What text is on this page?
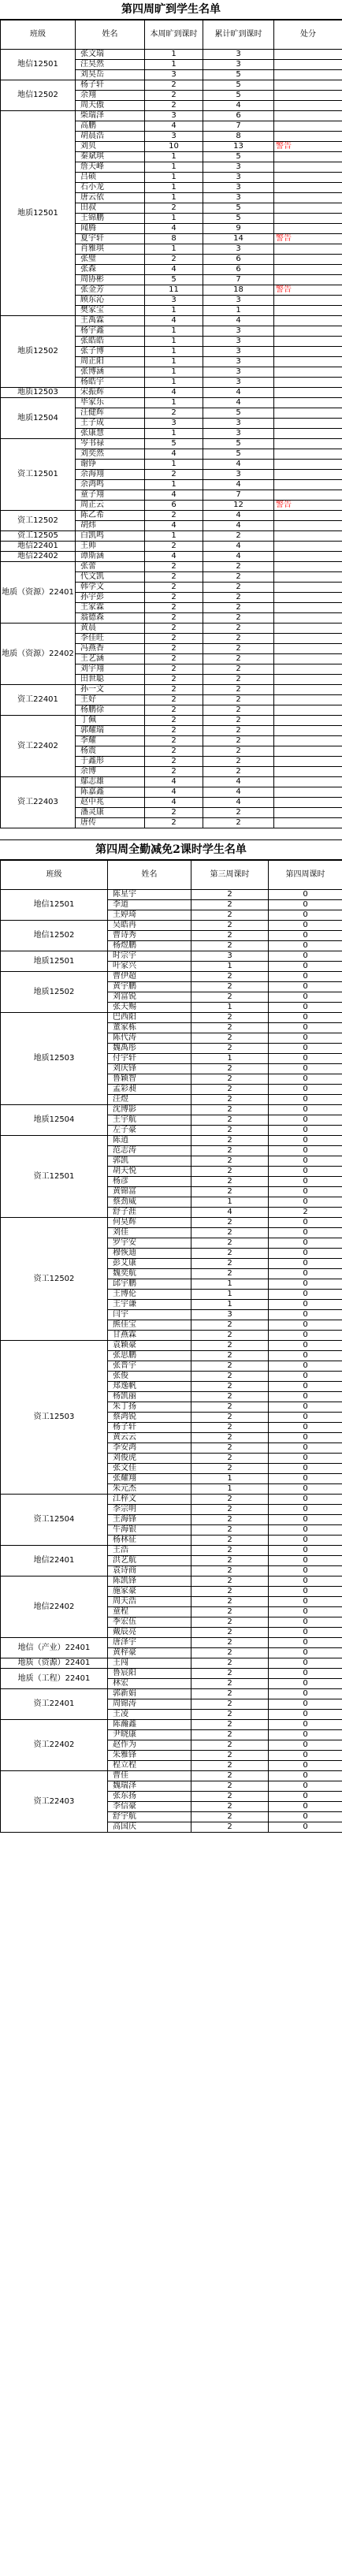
第四周旷到学生名单
班级	姓名	本周旷到课时	累计旷到课时	处分
地信12501	张文瑞	1	3	
	汪昊然	1	3	
	刘昊岳	3	5	
地信12502	杨子轩	2	5	
	余翔	2	5	
	周天傲	2	4	
地质12501	柴瑞泽	3	6	
	高鹏	4	7	
	胡晨浩	3	8	
	刘贝	10	13	警告
	秦斌琪	1	5	
	詹天峰	1	3	
	吕硕	1	3	
	石小龙	1	3	
	唐云依	1	3	
	田叔	2	5	
	王锦鹏	1	5	
	闻腾	4	9	
	夏宇轩	8	14	警告
	肖雅琪	1	3	
	张璧	2	6	
	张森	4	6	
	周协彬	5	7	
	张金芳	11	18	警告
	顾东沁	3	3	
	樊家宝	1	1	
地质12502	王禹霖	4	4	
	杨宇鑫	1	3	
	张皓皓	1	3	
	张子博	1	3	
	周正阳	1	3	
	张博涵	1	3	
	杨皓宇	1	3	
地质12503	宋振辉	4	4	
地质12504	毕家乐	1	4	
	汪健辉	2	5	
	王子成	3	3	
	张康慧	1	3	
资工12501	岑书禄	5	5	
	刘奕然	4	5	
	谢铮	1	4	
	余海翔	2	3	
	余鸿鸣	1	4	
	童子翔	4	7	
	周正云	6	12	警告
资工12502	陈乙希	2	4	
	胡炜	4	4	
资工12505	白凯鸣	1	2	
地信22401	王帅	2	4	
地信22402	谭斯涵	4	4	
地质（资源）22401	张蕾	2	2	
	代文凯	2	2	
	韩学文	2	2	
	孙宇彭	2	2	
	王家霖	2	2	
	翁德森	2	2	
地质（资源）22402	黄晨	2	2	
	李佳旺	2	2	
	冯燕香	2	2	
	王艺涵	2	2	
	刘宇翔	2	2	
	田世聪	2	2	
资工22401	孙一文	2	2	
	王好	2	2	
	杨鹏徐	2	2	
资工22402	丁佩	2	2	
	郭耀瑞	2	2	
	李耀	2	2	
	杨震	2	2	
	于鑫形	2	2	
	余博	2	2	
资工22403	鄢志雄	4	4	
	陈嘉鑫	4	4	
	赵中兆	4	4	
	潘灵康	2	2	
	唐传	2	2	
第四周全勤减免2课时学生名单
班级	姓名	第三周课时	第四周课时
地信12501	陈星宇	2	0
	李道	2	0
	王婷琦	2	0
地信12502	吴皓冉	2	0
	曹诗秀	2	0
	杨煜鹏	2	0
地质12501	时宗宇	3	0
	叶家兴	1	0
地质12502	曹伊超	2	0
	黄宇鹏	2	0
	刘富锐	2	0
	张天赐	1	0
地质12503	巴西阳	2	0
	董家栋	2	0
	陈代涛	2	0
	魏禹彤	2	0
	付宇轩	1	0
	刘庆锋	2	0
	鲁颖智	2	0
	孟彩昶	2	0
	汪煜	2	0
地质12504	沈博影	2	0
	王宇航	2	0
	左子豪	2	0
资工12501	陈逍	2	0
	范志涛	2	0
	郭凯	2	0
	胡天悦	2	0
	杨彦	2	0
	黄锦富	2	0
	蔡劲威	1	0
	舒子涯	4	2
资工12502	何昊辉	2	0
	刘佳	2	0
	罗宇安	2	0
	穆恢迪	2	0
	彭艾康	2	0
	魏奕航	2	0
	邱宇鹏	1	0
	王博伦	1	0
	王宇谦	1	0
	闫宇	3	0
	熊佳宝	2	0
	甘燕霖	2	0
资工12503	袁颖豪	2	0
	张思鹏	2	0
	张晋宇	2	0
	张俊	2	0
	郑逸帆	2	0
	杨凯丽	2	0
	朱丁扬	2	0
	蔡鸿锐	2	0
	杨子轩	2	0
	黄云云	2	0
	李安鸿	2	0
	刘俊虎	2	0
	张文佳	2	0
	张耀翔	1	0
	朱元杰	1	0
资工12504	江梓文	2	0
	李宗明	2	0
	王海锋	2	0
	牛海银	2	0
	杨林征	2	0
地信22401	王浩	2	0
	洪艺航	2	0
	袁诗商	2	0
地信22402	陈凯锋	2	0
	施家豪	2	0
	周天浩	2	0
	童程	2	0
	季宏伍	2	0
	戴辰亮	2	0
地信（产业）22401	唐泽宇	2	0
	黄梓豪	2	0
地质（资源）22401	王闯	2	0
地质（工程）22401	鲁宸阳	2	0
	林宏	2	0
资工22401	郭新娟	2	0
	周锦涛	2	0
	王凌	2	0
资工22402	陈瀚鑫	2	0
	尹晓康	2	0
	赵作为	2	0
	朱雅锋	2	0
	程立程	2	0
资工22403	曹佳	2	0
	魏瑞泽	2	0
	张东扬	2	0
	李信豪	2	0
	舒宇航	2	0
	高国庆	2	0
